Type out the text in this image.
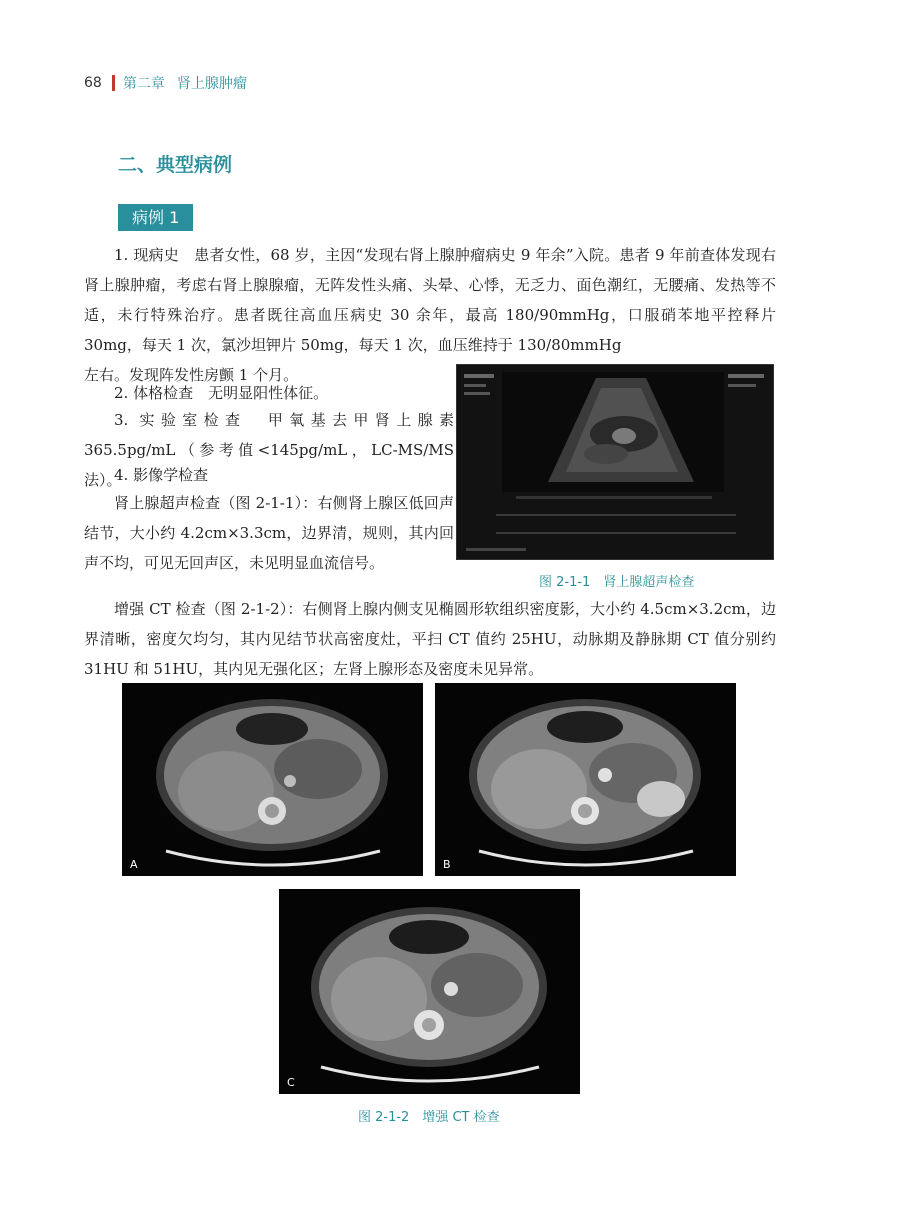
68 第二章 肾上腺肿瘤
二、典型病例
病例 1

1. 现病史　患者女性，68 岁，主因“发现右肾上腺肿瘤病史 9 年余”入院。患者 9 年前查体发现右肾上腺肿瘤，考虑右肾上腺腺瘤，无阵发性头痛、头晕、心悸，无乏力、面色潮红，无腰痛、发热等不适，未行特殊治疗。患者既往高血压病史 30 余年，最高 180/90mmHg，口服硝苯地平控释片 30mg，每天 1 次，氯沙坦钾片 50mg，每天 1 次，血压维持于 130/80mmHg
左右。发现阵发性房颤 1 个月。

2. 体格检查　无明显阳性体征。

3. 实验室检查　甲氧基去甲肾上腺素 365.5pg/mL（参考值<145pg/mL，LC-MS/MS 法）。

4. 影像学检查

肾上腺超声检查（图 2-1-1）：右侧肾上腺区低回声结节，大小约 4.2cm×3.3cm，边界清，规则，其内回声不均，可见无回声区，未见明显血流信号。

图 2-1-1　肾上腺超声检查

增强 CT 检查（图 2-1-2）：右侧肾上腺内侧支见椭圆形软组织密度影，大小约 4.5cm×3.2cm，边界清晰，密度欠均匀，其内见结节状高密度灶，平扫 CT 值约 25HU，动脉期及静脉期 CT 值分别约 31HU 和 51HU，其内见无强化区；左肾上腺形态及密度未见异常。

A	B
C
图 2-1-2　增强 CT 检查
